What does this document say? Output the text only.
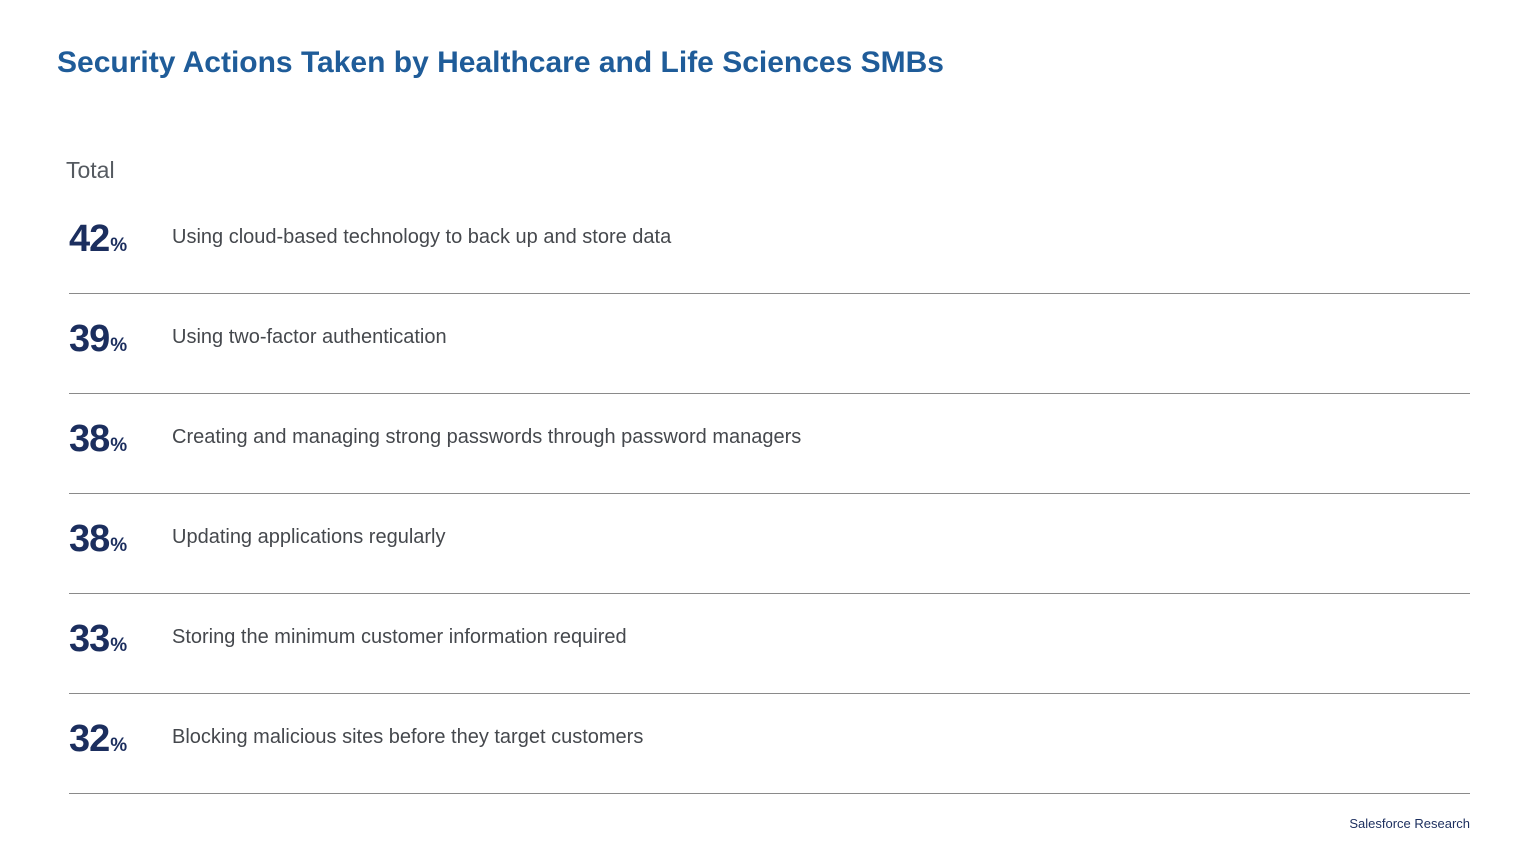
Security Actions Taken by Healthcare and Life Sciences SMBs
Total
42% Using cloud-based technology to back up and store data
39% Using two-factor authentication
38% Creating and managing strong passwords through password managers
38% Updating applications regularly
33% Storing the minimum customer information required
32% Blocking malicious sites before they target customers
Salesforce Research
